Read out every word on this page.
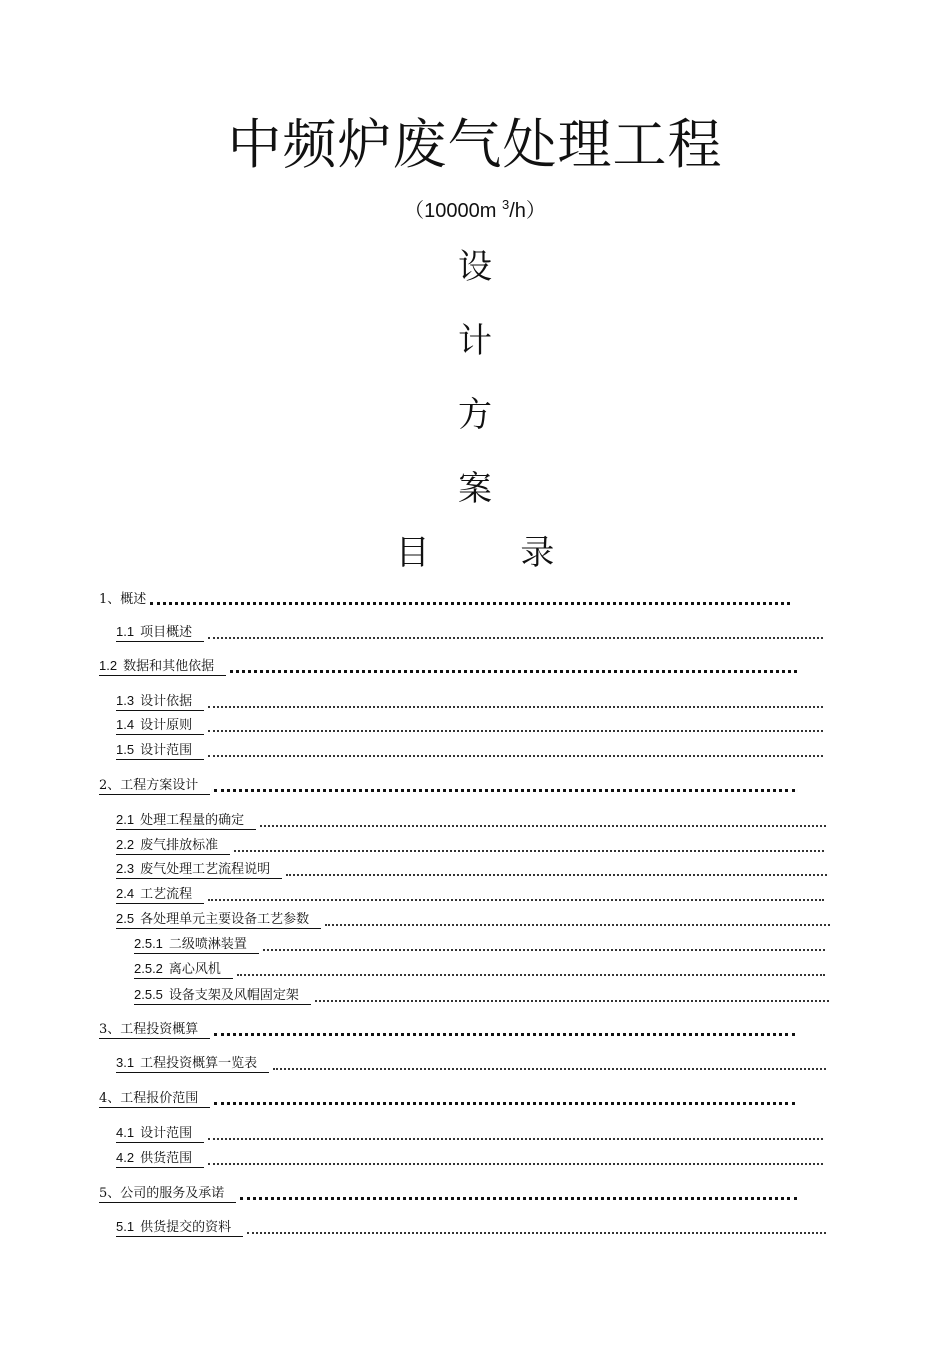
中频炉废气处理工程
（10000m $^3$/h）
设
计
方
案
目 录
1、概述
1.1 项目概述
1.2 数据和其他依据
1.3 设计依据
1.4 设计原则
1.5 设计范围
2、工程方案设计
2.1 处理工程量的确定
2.2 废气排放标准
2.3 废气处理工艺流程说明
2.4 工艺流程
2.5 各处理单元主要设备工艺参数
2.5.1 二级喷淋装置
2.5.2 离心风机
2.5.5 设备支架及风帽固定架
3、工程投资概算
3.1 工程投资概算一览表
4、工程报价范围
4.1 设计范围
4.2 供货范围
5、公司的服务及承诺
5.1 供货提交的资料
